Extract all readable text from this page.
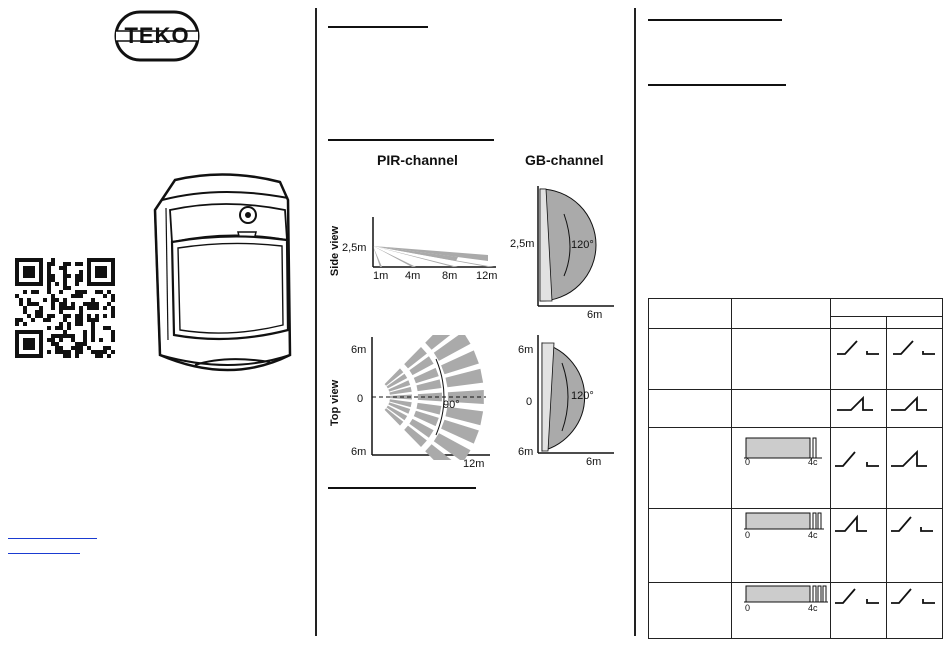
TEKO
PIR-channel	GB-channel
Side view
Top view
2,5m
1m 4m 8m 12m
6m
0
6m
90°
12m
2,5m	120°
6m
6m
0
6m
120°
6m

	0 4c

	0 4c

	0 4c
